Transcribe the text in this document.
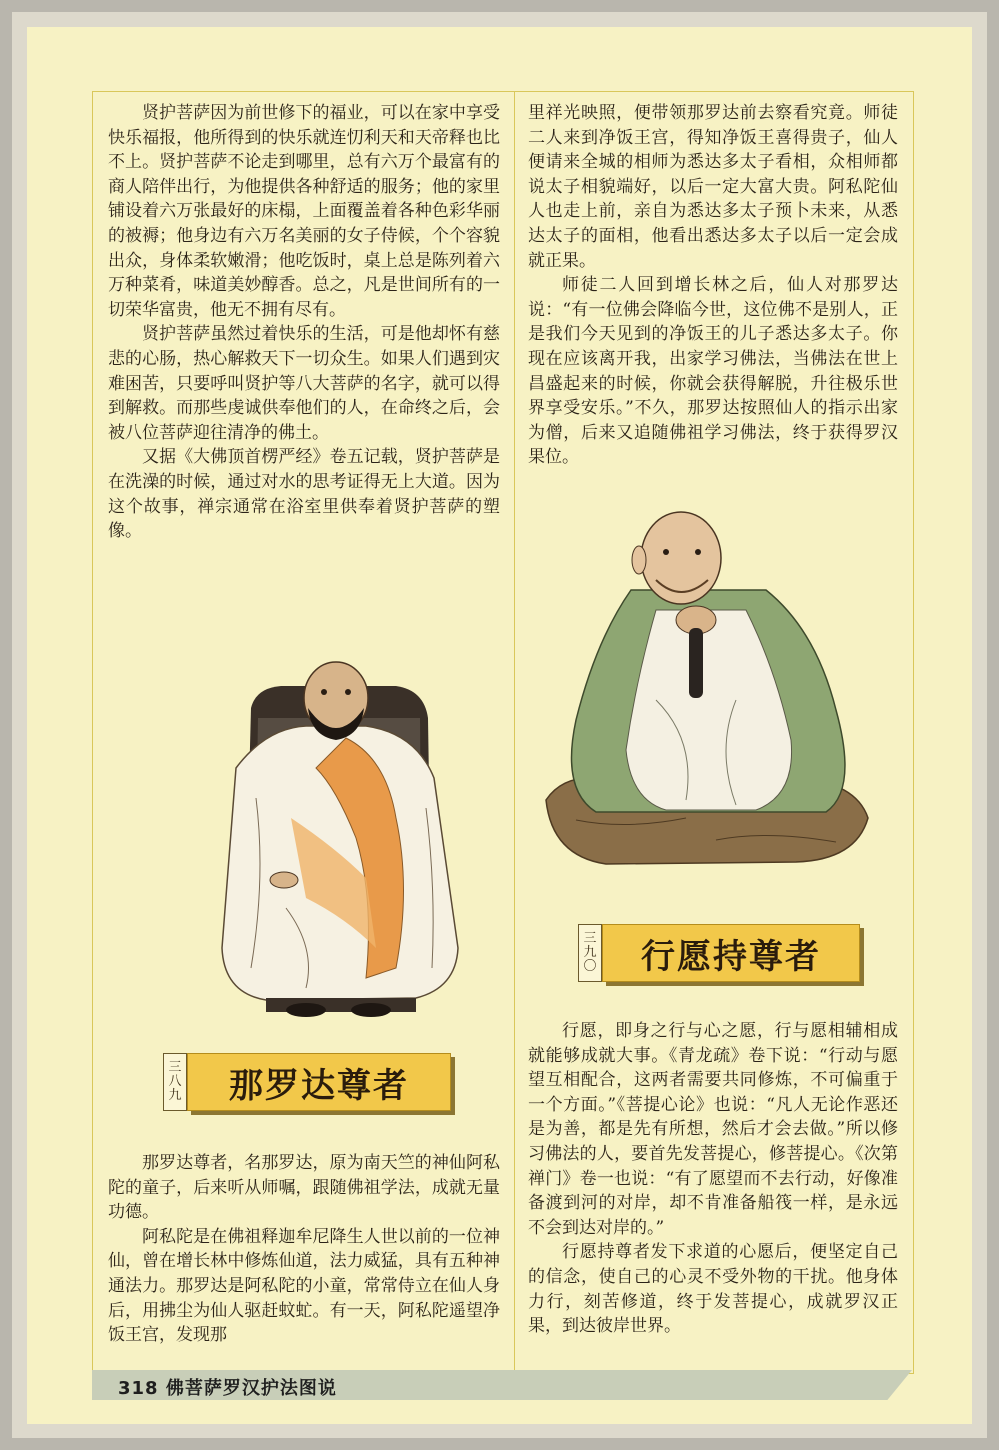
贤护菩萨因为前世修下的福业，可以在家中享受快乐福报，他所得到的快乐就连忉利天和天帝释也比不上。贤护菩萨不论走到哪里，总有六万个最富有的商人陪伴出行，为他提供各种舒适的服务；他的家里铺设着六万张最好的床榻，上面覆盖着各种色彩华丽的被褥；他身边有六万名美丽的女子侍候，个个容貌出众，身体柔软嫩滑；他吃饭时，桌上总是陈列着六万种菜肴，味道美妙醇香。总之，凡是世间所有的一切荣华富贵，他无不拥有尽有。

贤护菩萨虽然过着快乐的生活，可是他却怀有慈悲的心肠，热心解救天下一切众生。如果人们遇到灾难困苦，只要呼叫贤护等八大菩萨的名字，就可以得到解救。而那些虔诚供奉他们的人，在命终之后，会被八位菩萨迎往清净的佛土。

又据《大佛顶首楞严经》卷五记载，贤护菩萨是在洗澡的时候，通过对水的思考证得无上大道。因为这个故事，禅宗通常在浴室里供奉着贤护菩萨的塑像。

三
八
九	那罗达尊者

那罗达尊者，名那罗达，原为南天竺的神仙阿私陀的童子，后来听从师嘱，跟随佛祖学法，成就无量功德。

阿私陀是在佛祖释迦牟尼降生人世以前的一位神仙，曾在增长林中修炼仙道，法力威猛，具有五种神通法力。那罗达是阿私陀的小童，常常侍立在仙人身后，用拂尘为仙人驱赶蚊虻。有一天，阿私陀遥望净饭王宫，发现那

里祥光映照，便带领那罗达前去察看究竟。师徒二人来到净饭王宫，得知净饭王喜得贵子，仙人便请来全城的相师为悉达多太子看相，众相师都说太子相貌端好，以后一定大富大贵。阿私陀仙人也走上前，亲自为悉达多太子预卜未来，从悉达太子的面相，他看出悉达多太子以后一定会成就正果。

师徒二人回到增长林之后，仙人对那罗达说：“有一位佛会降临今世，这位佛不是别人，正是我们今天见到的净饭王的儿子悉达多太子。你现在应该离开我，出家学习佛法，当佛法在世上昌盛起来的时候，你就会获得解脱，升往极乐世界享受安乐。”不久，那罗达按照仙人的指示出家为僧，后来又追随佛祖学习佛法，终于获得罗汉果位。

三
九
〇	行愿持尊者

行愿，即身之行与心之愿，行与愿相辅相成就能够成就大事。《青龙疏》卷下说：“行动与愿望互相配合，这两者需要共同修炼，不可偏重于一个方面。”《菩提心论》也说：“凡人无论作恶还是为善，都是先有所想，然后才会去做。”所以修习佛法的人，要首先发菩提心，修菩提心。《次第禅门》卷一也说：“有了愿望而不去行动，好像准备渡到河的对岸，却不肯准备船筏一样，是永远不会到达对岸的。”

行愿持尊者发下求道的心愿后，便坚定自己的信念，使自己的心灵不受外物的干扰。他身体力行，刻苦修道，终于发菩提心，成就罗汉正果，到达彼岸世界。

318 佛菩萨罗汉护法图说
